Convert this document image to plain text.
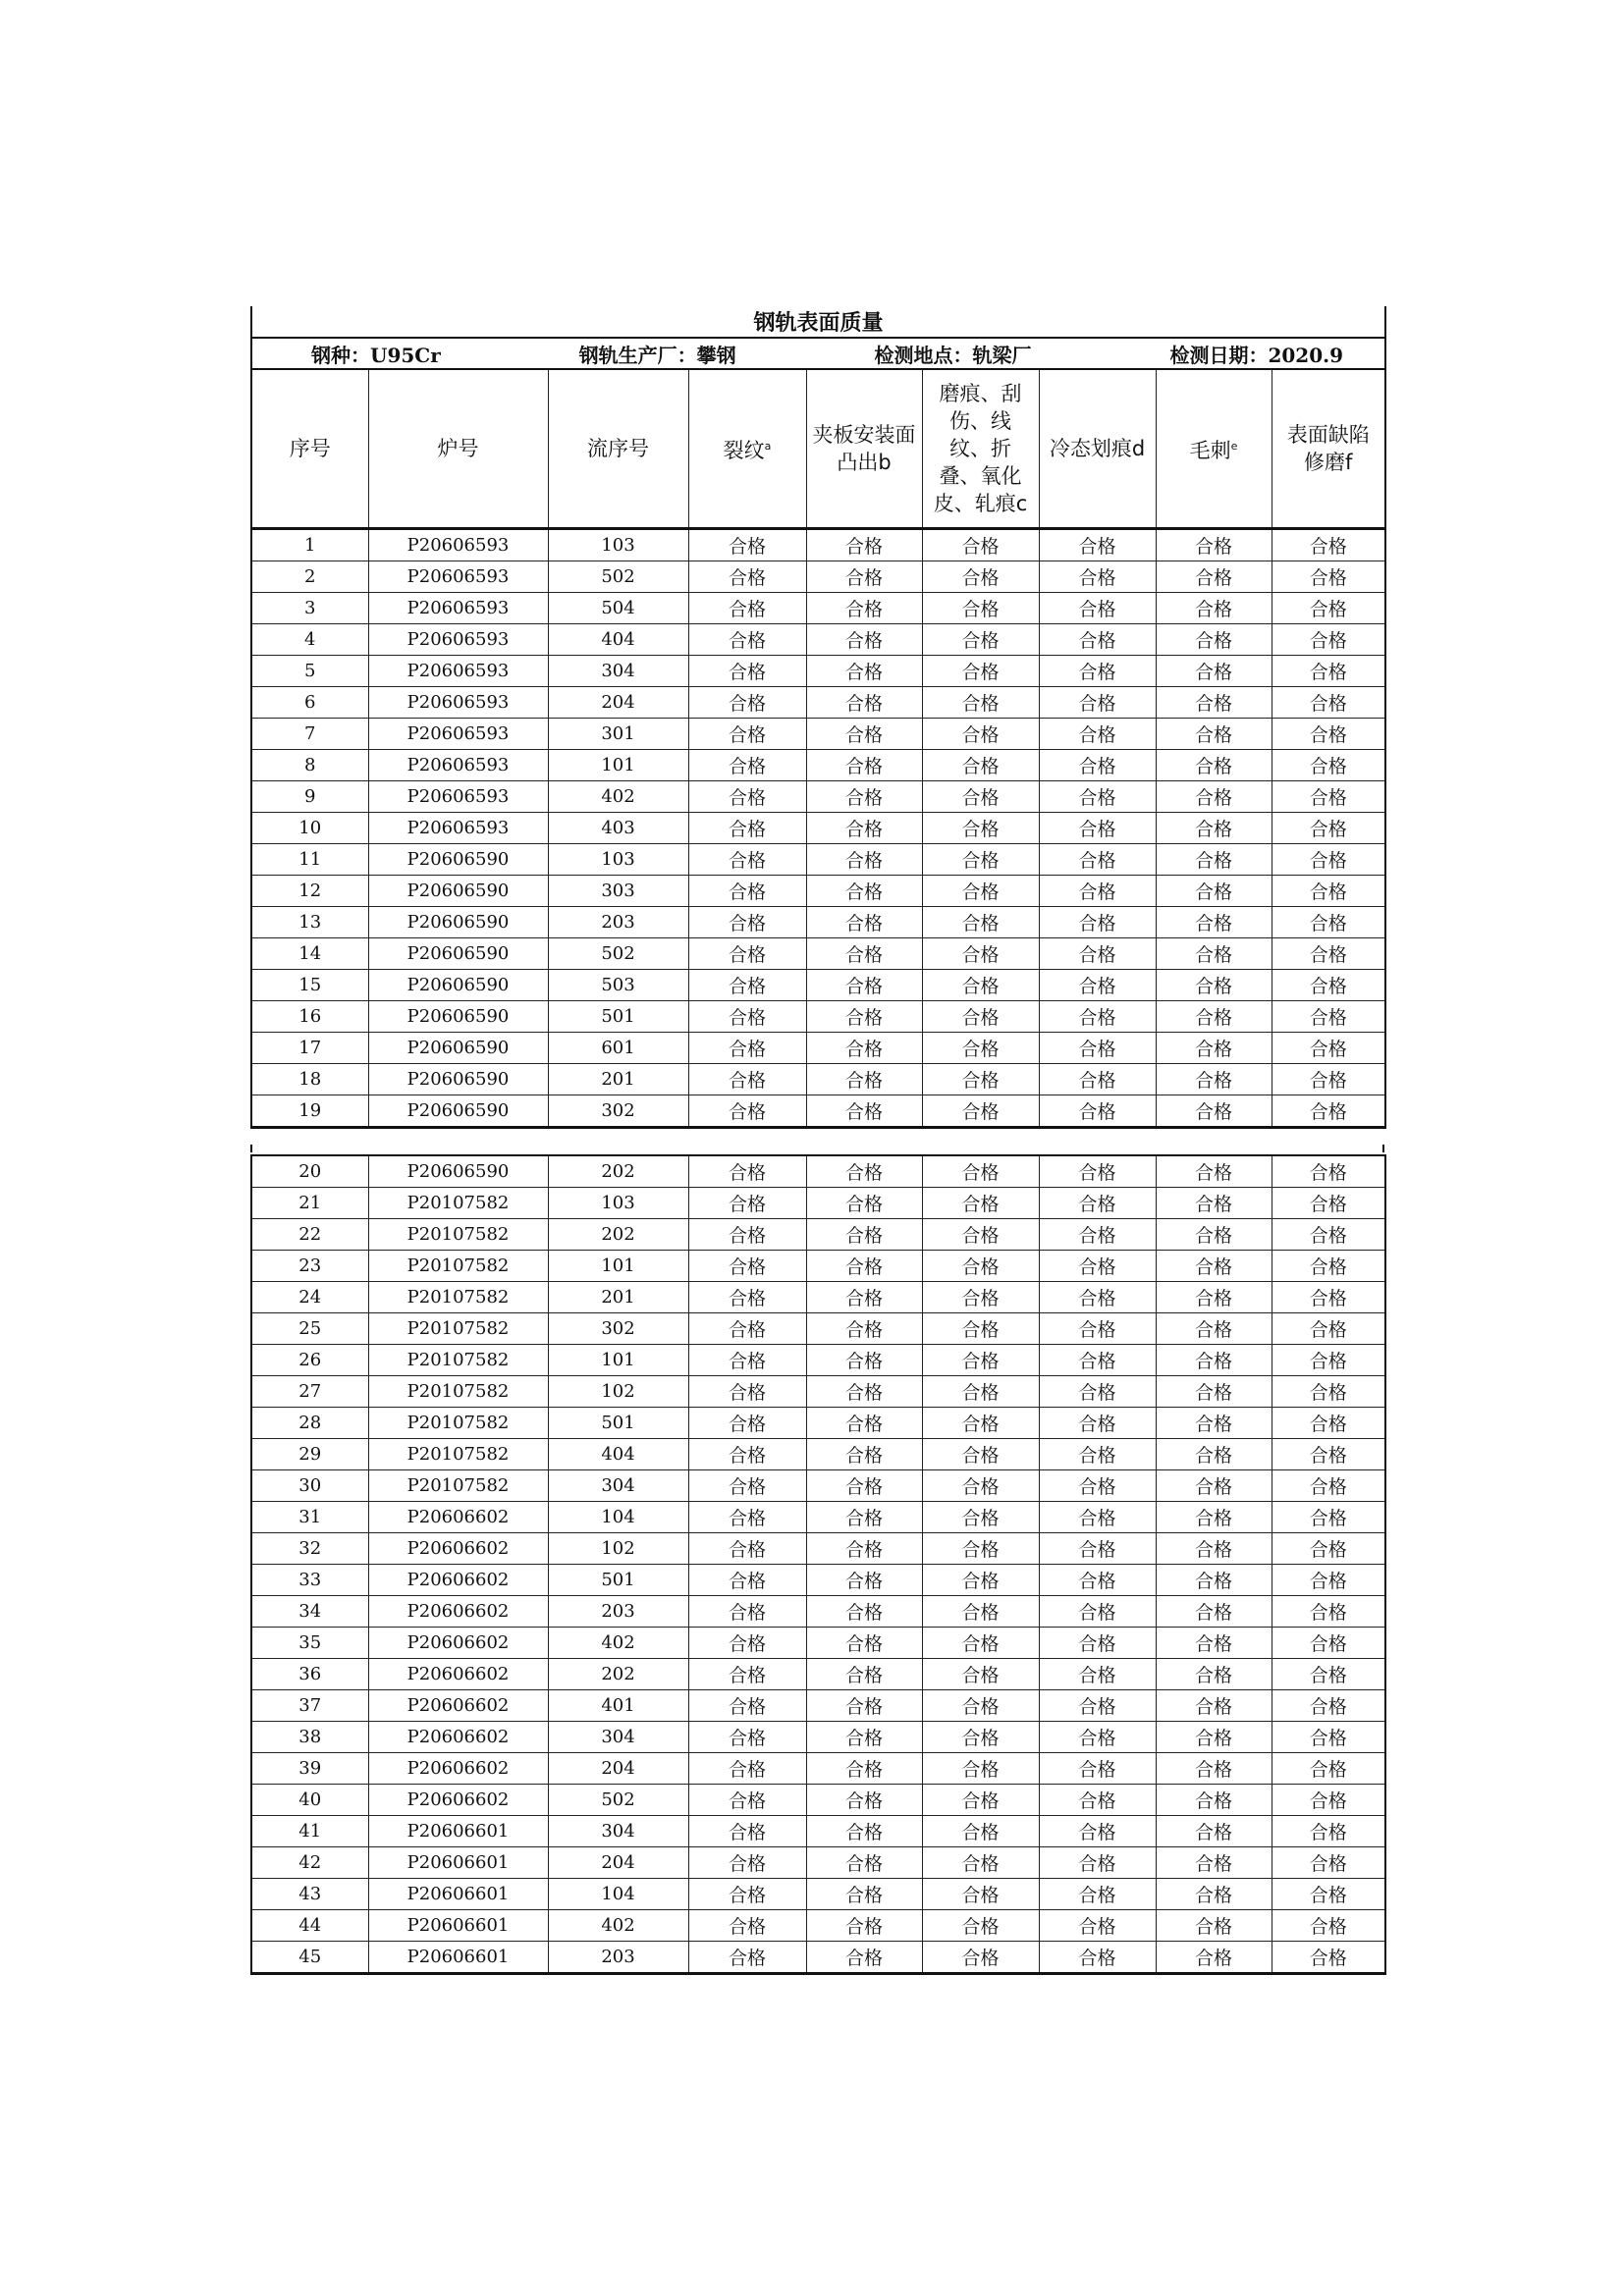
钢轨表面质量								

钢种：U95Cr 钢轨生产厂：攀钢 检测地点：轨梁厂 检测日期：2020.9								

序号	炉号	流序号	裂纹$^a$	夹板安装面凸出b	磨痕、刮伤、线纹、折叠、氧化皮、轧痕c	冷态划痕d	毛刺$^e$	表面缺陷修磨f
1	P20606593	103	合格	合格	合格	合格	合格	合格
2	P20606593	502	合格	合格	合格	合格	合格	合格
3	P20606593	504	合格	合格	合格	合格	合格	合格
4	P20606593	404	合格	合格	合格	合格	合格	合格
5	P20606593	304	合格	合格	合格	合格	合格	合格
6	P20606593	204	合格	合格	合格	合格	合格	合格
7	P20606593	301	合格	合格	合格	合格	合格	合格
8	P20606593	101	合格	合格	合格	合格	合格	合格
9	P20606593	402	合格	合格	合格	合格	合格	合格
10	P20606593	403	合格	合格	合格	合格	合格	合格
11	P20606590	103	合格	合格	合格	合格	合格	合格
12	P20606590	303	合格	合格	合格	合格	合格	合格
13	P20606590	203	合格	合格	合格	合格	合格	合格
14	P20606590	502	合格	合格	合格	合格	合格	合格
15	P20606590	503	合格	合格	合格	合格	合格	合格
16	P20606590	501	合格	合格	合格	合格	合格	合格
17	P20606590	601	合格	合格	合格	合格	合格	合格
18	P20606590	201	合格	合格	合格	合格	合格	合格
19	P20606590	302	合格	合格	合格	合格	合格	合格
20	P20606590	202	合格	合格	合格	合格	合格	合格
21	P20107582	103	合格	合格	合格	合格	合格	合格
22	P20107582	202	合格	合格	合格	合格	合格	合格
23	P20107582	101	合格	合格	合格	合格	合格	合格
24	P20107582	201	合格	合格	合格	合格	合格	合格
25	P20107582	302	合格	合格	合格	合格	合格	合格
26	P20107582	101	合格	合格	合格	合格	合格	合格
27	P20107582	102	合格	合格	合格	合格	合格	合格
28	P20107582	501	合格	合格	合格	合格	合格	合格
29	P20107582	404	合格	合格	合格	合格	合格	合格
30	P20107582	304	合格	合格	合格	合格	合格	合格
31	P20606602	104	合格	合格	合格	合格	合格	合格
32	P20606602	102	合格	合格	合格	合格	合格	合格
33	P20606602	501	合格	合格	合格	合格	合格	合格
34	P20606602	203	合格	合格	合格	合格	合格	合格
35	P20606602	402	合格	合格	合格	合格	合格	合格
36	P20606602	202	合格	合格	合格	合格	合格	合格
37	P20606602	401	合格	合格	合格	合格	合格	合格
38	P20606602	304	合格	合格	合格	合格	合格	合格
39	P20606602	204	合格	合格	合格	合格	合格	合格
40	P20606602	502	合格	合格	合格	合格	合格	合格
41	P20606601	304	合格	合格	合格	合格	合格	合格
42	P20606601	204	合格	合格	合格	合格	合格	合格
43	P20606601	104	合格	合格	合格	合格	合格	合格
44	P20606601	402	合格	合格	合格	合格	合格	合格
45	P20606601	203	合格	合格	合格	合格	合格	合格
